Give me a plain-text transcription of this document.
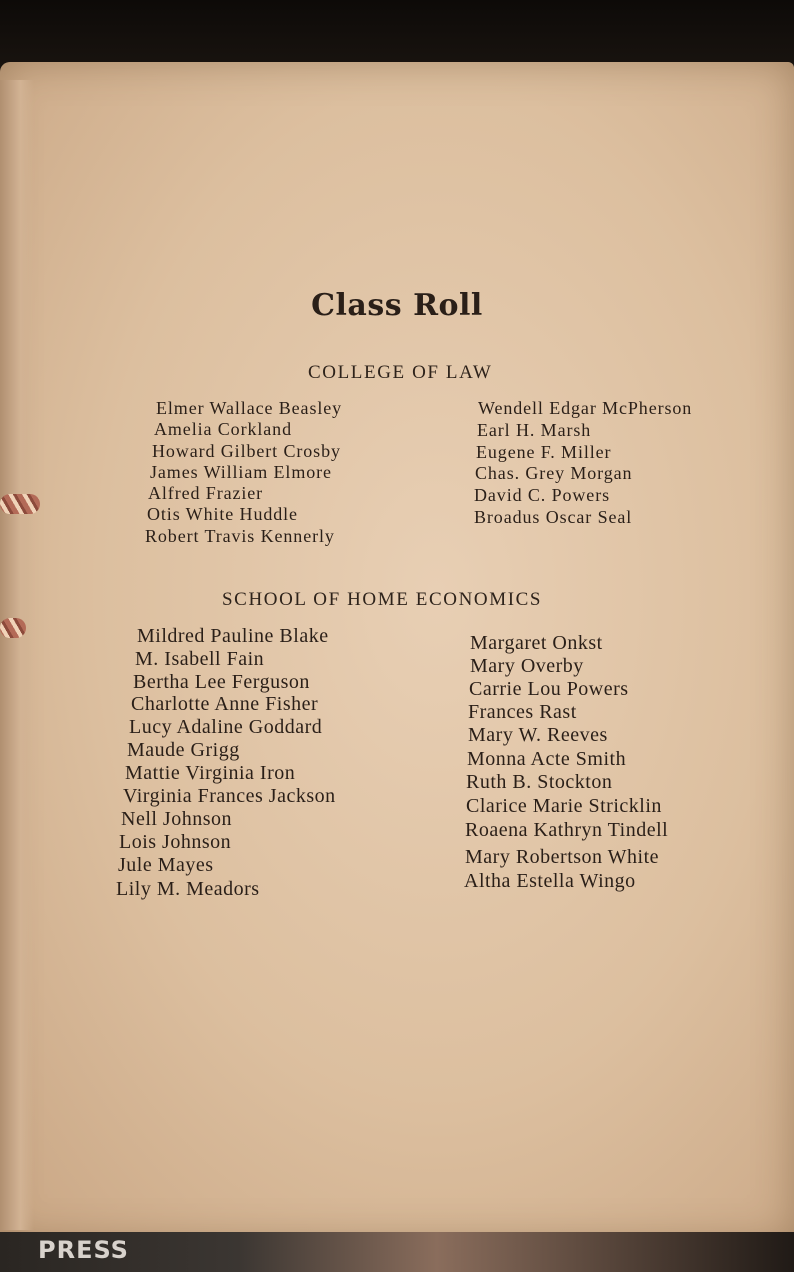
Class Roll
COLLEGE OF LAW
Elmer Wallace Beasley
Amelia Corkland
Howard Gilbert Crosby
James William Elmore
Alfred Frazier
Otis White Huddle
Robert Travis Kennerly
Wendell Edgar McPherson
Earl H. Marsh
Eugene F. Miller
Chas. Grey Morgan
David C. Powers
Broadus Oscar Seal
SCHOOL OF HOME ECONOMICS
Mildred Pauline Blake
M. Isabell Fain
Bertha Lee Ferguson
Charlotte Anne Fisher
Lucy Adaline Goddard
Maude Grigg
Mattie Virginia Iron
Virginia Frances Jackson
Nell Johnson
Lois Johnson
Jule Mayes
Lily M. Meadors
Margaret Onkst
Mary Overby
Carrie Lou Powers
Frances Rast
Mary W. Reeves
Monna Acte Smith
Ruth B. Stockton
Clarice Marie Stricklin
Roaena Kathryn Tindell
Mary Robertson White
Altha Estella Wingo
PRESS
